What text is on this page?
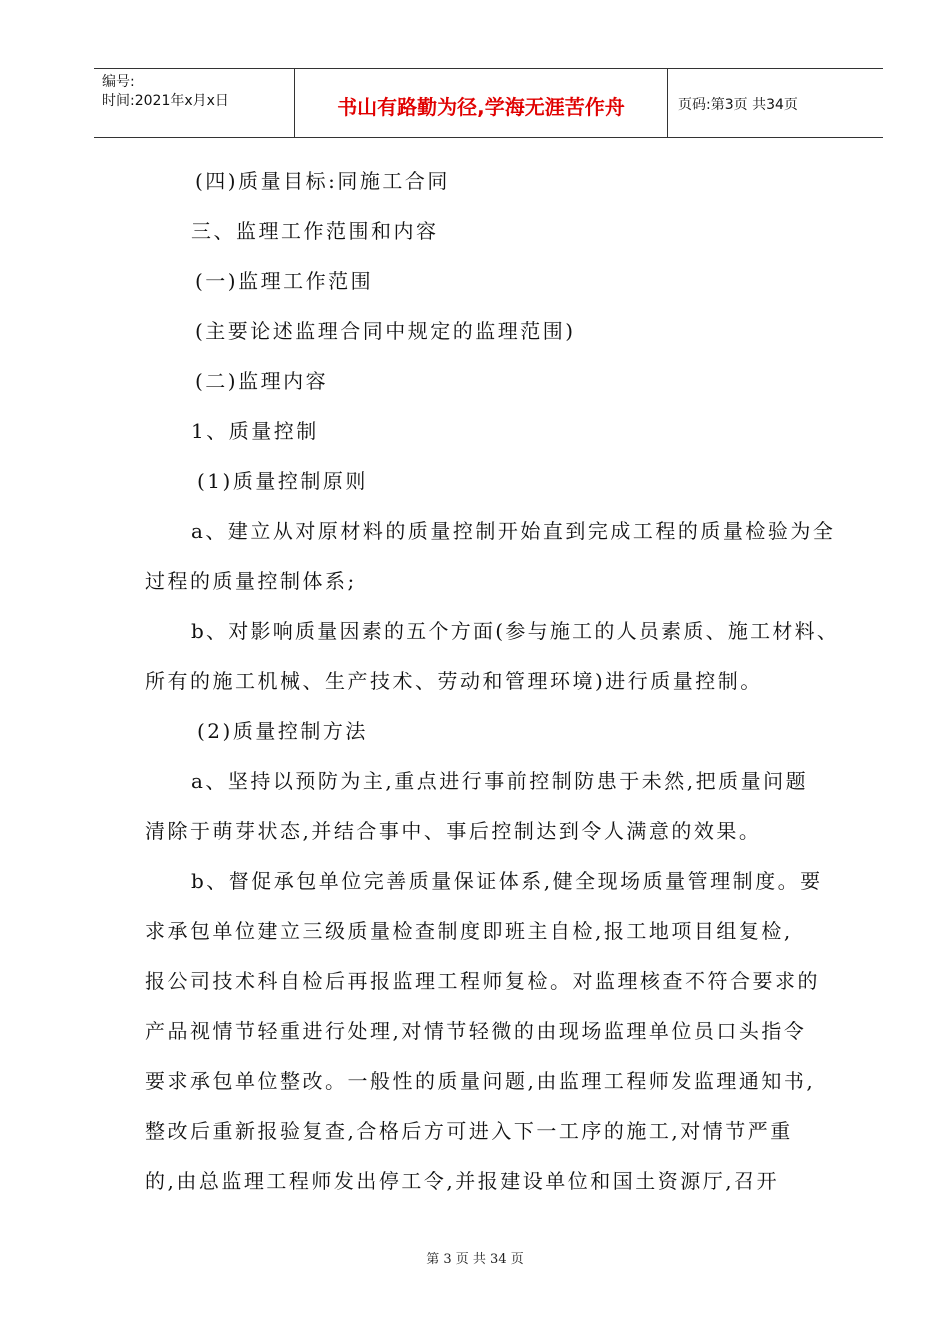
编号:
时间:2021年x月x日	书山有路勤为径,学海无涯苦作舟	页码:第3页 共34页
(四)质量目标:同施工合同
三、监理工作范围和内容
(一)监理工作范围
(主要论述监理合同中规定的监理范围)
(二)监理内容
1、质量控制
(1)质量控制原则
a、建立从对原材料的质量控制开始直到完成工程的质量检验为全
过程的质量控制体系;
b、对影响质量因素的五个方面(参与施工的人员素质、施工材料、
所有的施工机械、生产技术、劳动和管理环境)进行质量控制。
(2)质量控制方法
a、坚持以预防为主,重点进行事前控制防患于未然,把质量问题
清除于萌芽状态,并结合事中、事后控制达到令人满意的效果。
b、督促承包单位完善质量保证体系,健全现场质量管理制度。要
求承包单位建立三级质量检查制度即班主自检,报工地项目组复检,
报公司技术科自检后再报监理工程师复检。对监理核查不符合要求的
产品视情节轻重进行处理,对情节轻微的由现场监理单位员口头指令
要求承包单位整改。一般性的质量问题,由监理工程师发监理通知书,
整改后重新报验复查,合格后方可进入下一工序的施工,对情节严重
的,由总监理工程师发出停工令,并报建设单位和国土资源厅,召开
第 3 页 共 34 页
